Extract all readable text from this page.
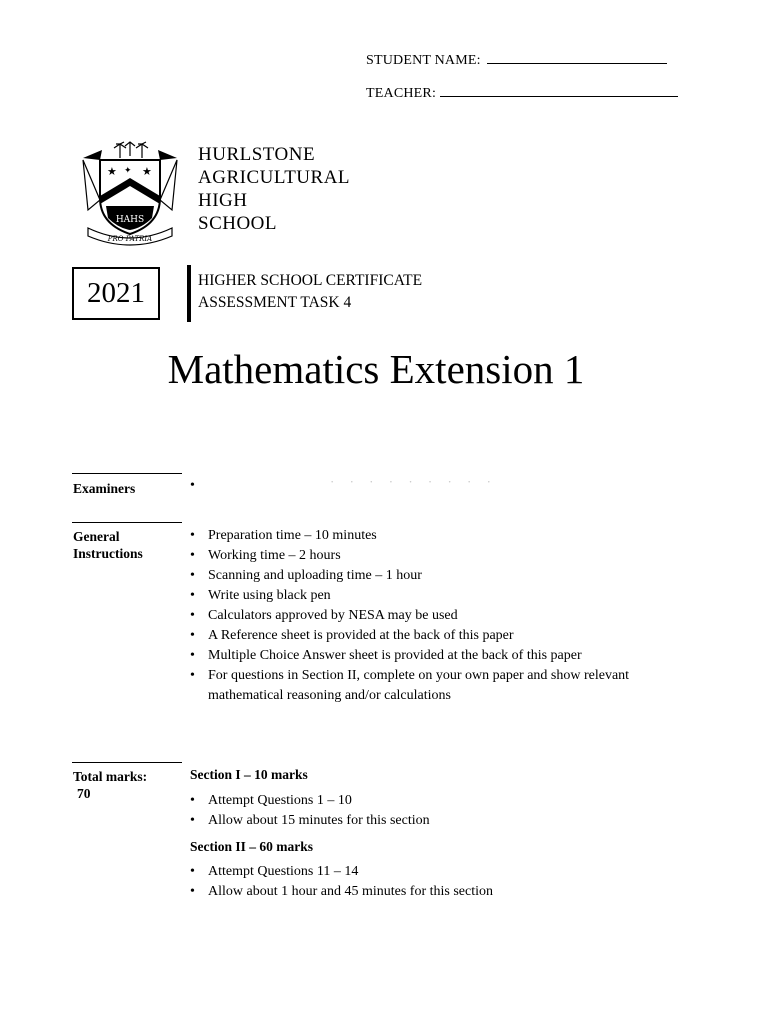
STUDENT NAME:
TEACHER:
★ ★
✦
HAHS
PRO PATRIA
HURLSTONE
AGRICULTURAL
HIGH
SCHOOL
2021	HIGHER SCHOOL CERTIFICATE
ASSESSMENT TASK 4
Mathematics Extension 1
Examiners	•	· · · · · · · · ·
General
Instructions
• Preparation time – 10 minutes
• Working time – 2 hours
• Scanning and uploading time – 1 hour
• Write using black pen
• Calculators approved by NESA may be used
• A Reference sheet is provided at the back of this paper
• Multiple Choice Answer sheet is provided at the back of this paper
• For questions in Section II, complete on your own paper and show relevant mathematical reasoning and/or calculations
Total marks:
70
Section I – 10 marks
• Attempt Questions 1 – 10
• Allow about 15 minutes for this section
Section II – 60 marks
• Attempt Questions 11 – 14
• Allow about 1 hour and 45 minutes for this section
